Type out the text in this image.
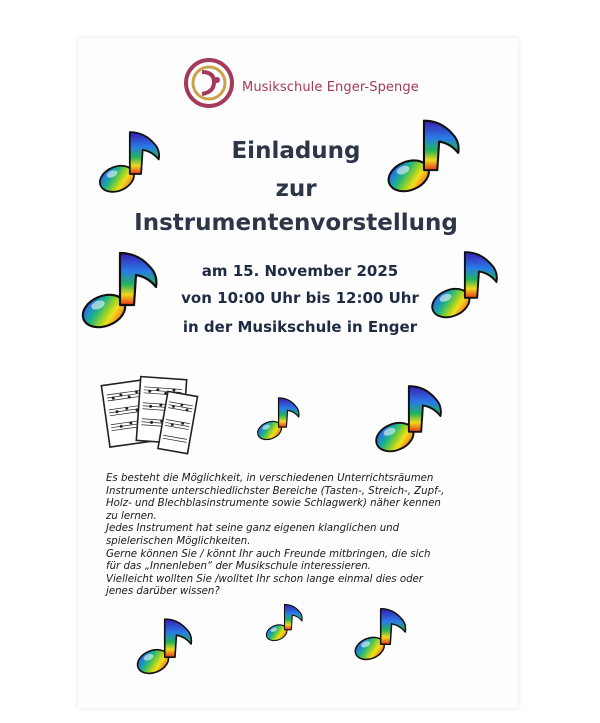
Musikschule Enger-Spenge
Einladung
zur
Instrumentenvorstellung
am 15. November 2025
von 10:00 Uhr bis 12:00 Uhr
in der Musikschule in Enger

Es besteht die Möglichkeit, in verschiedenen Unterrichtsräumen

Instrumente unterschiedlichster Bereiche (Tasten-, Streich-, Zupf-,

Holz- und Blechblasinstrumente sowie Schlagwerk) näher kennen

zu lernen.

Jedes Instrument hat seine ganz eigenen klanglichen und

spielerischen Möglichkeiten.

Gerne können Sie / könnt Ihr auch Freunde mitbringen, die sich

für das „Innenleben“ der Musikschule interessieren.

Vielleicht wollten Sie /wolltet Ihr schon lange einmal dies oder

jenes darüber wissen?
